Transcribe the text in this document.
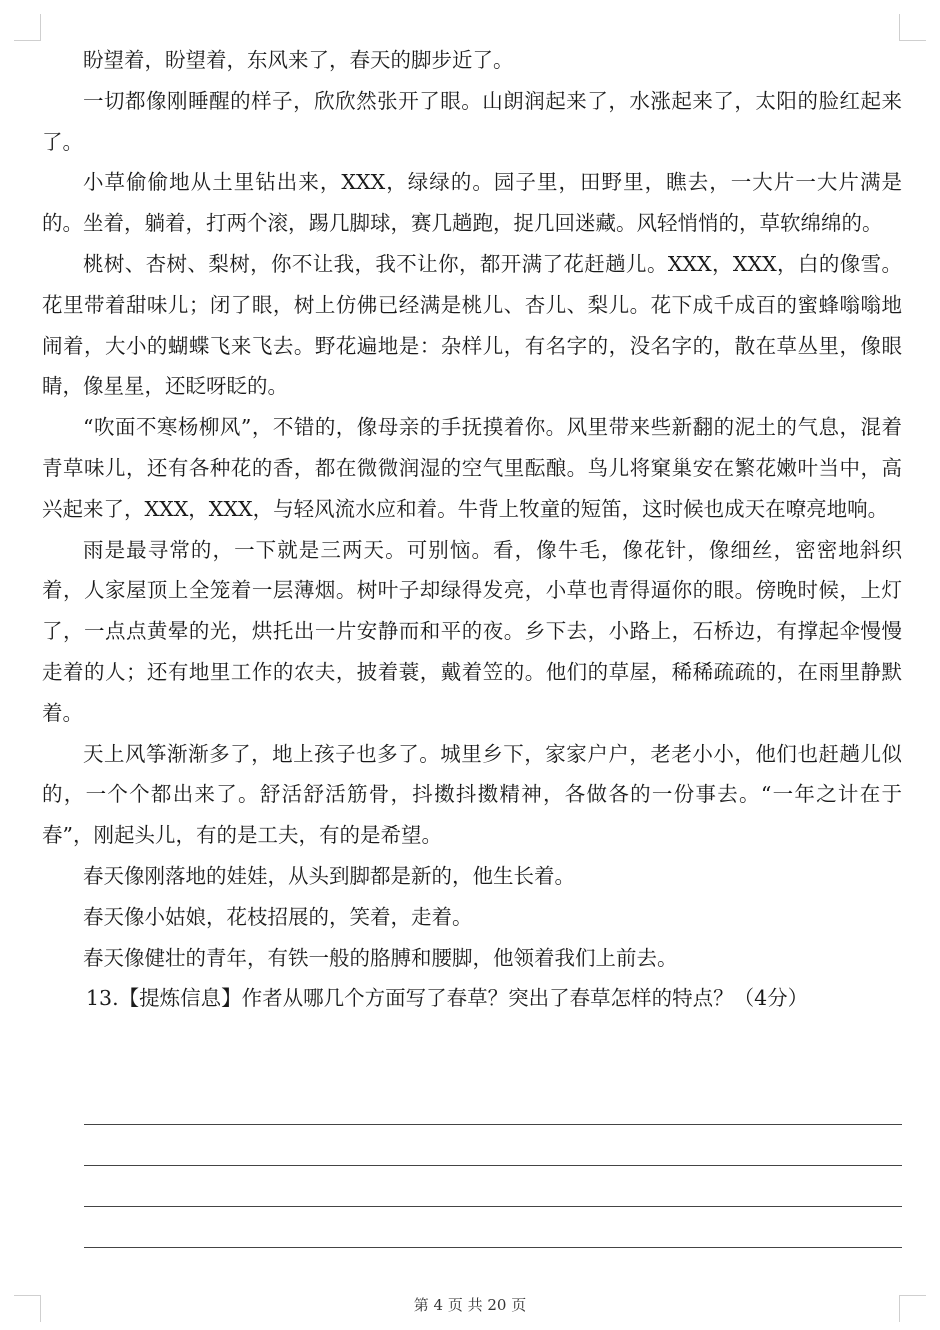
盼望着，盼望着，东风来了，春天的脚步近了。

一切都像刚睡醒的样子，欣欣然张开了眼。山朗润起来了，水涨起来了，太阳的脸红起来了。

小草偷偷地从土里钻出来，XXX，绿绿的。园子里，田野里，瞧去，一大片一大片满是的。坐着，躺着，打两个滚，踢几脚球，赛几趟跑，捉几回迷藏。风轻悄悄的，草软绵绵的。

桃树、杏树、梨树，你不让我，我不让你，都开满了花赶趟儿。XXX，XXX，白的像雪。花里带着甜味儿；闭了眼，树上仿佛已经满是桃儿、杏儿、梨儿。花下成千成百的蜜蜂嗡嗡地闹着，大小的蝴蝶飞来飞去。野花遍地是：杂样儿，有名字的，没名字的，散在草丛里，像眼睛，像星星，还眨呀眨的。

“吹面不寒杨柳风”，不错的，像母亲的手抚摸着你。风里带来些新翻的泥土的气息，混着青草味儿，还有各种花的香，都在微微润湿的空气里酝酿。鸟儿将窠巢安在繁花嫩叶当中，高兴起来了，XXX，XXX，与轻风流水应和着。牛背上牧童的短笛，这时候也成天在嘹亮地响。

雨是最寻常的，一下就是三两天。可别恼。看，像牛毛，像花针，像细丝，密密地斜织着，人家屋顶上全笼着一层薄烟。树叶子却绿得发亮，小草也青得逼你的眼。傍晚时候，上灯了，一点点黄晕的光，烘托出一片安静而和平的夜。乡下去，小路上，石桥边，有撑起伞慢慢走着的人；还有地里工作的农夫，披着蓑，戴着笠的。他们的草屋，稀稀疏疏的，在雨里静默着。

天上风筝渐渐多了，地上孩子也多了。城里乡下，家家户户，老老小小，他们也赶趟儿似的，一个个都出来了。舒活舒活筋骨，抖擞抖擞精神，各做各的一份事去。“一年之计在于春”，刚起头儿，有的是工夫，有的是希望。

春天像刚落地的娃娃，从头到脚都是新的，他生长着。

春天像小姑娘，花枝招展的，笑着，走着。

春天像健壮的青年，有铁一般的胳膊和腰脚，他领着我们上前去。

13.【提炼信息】作者从哪几个方面写了春草？突出了春草怎样的特点？（4分）
第 4 页 共 20 页
